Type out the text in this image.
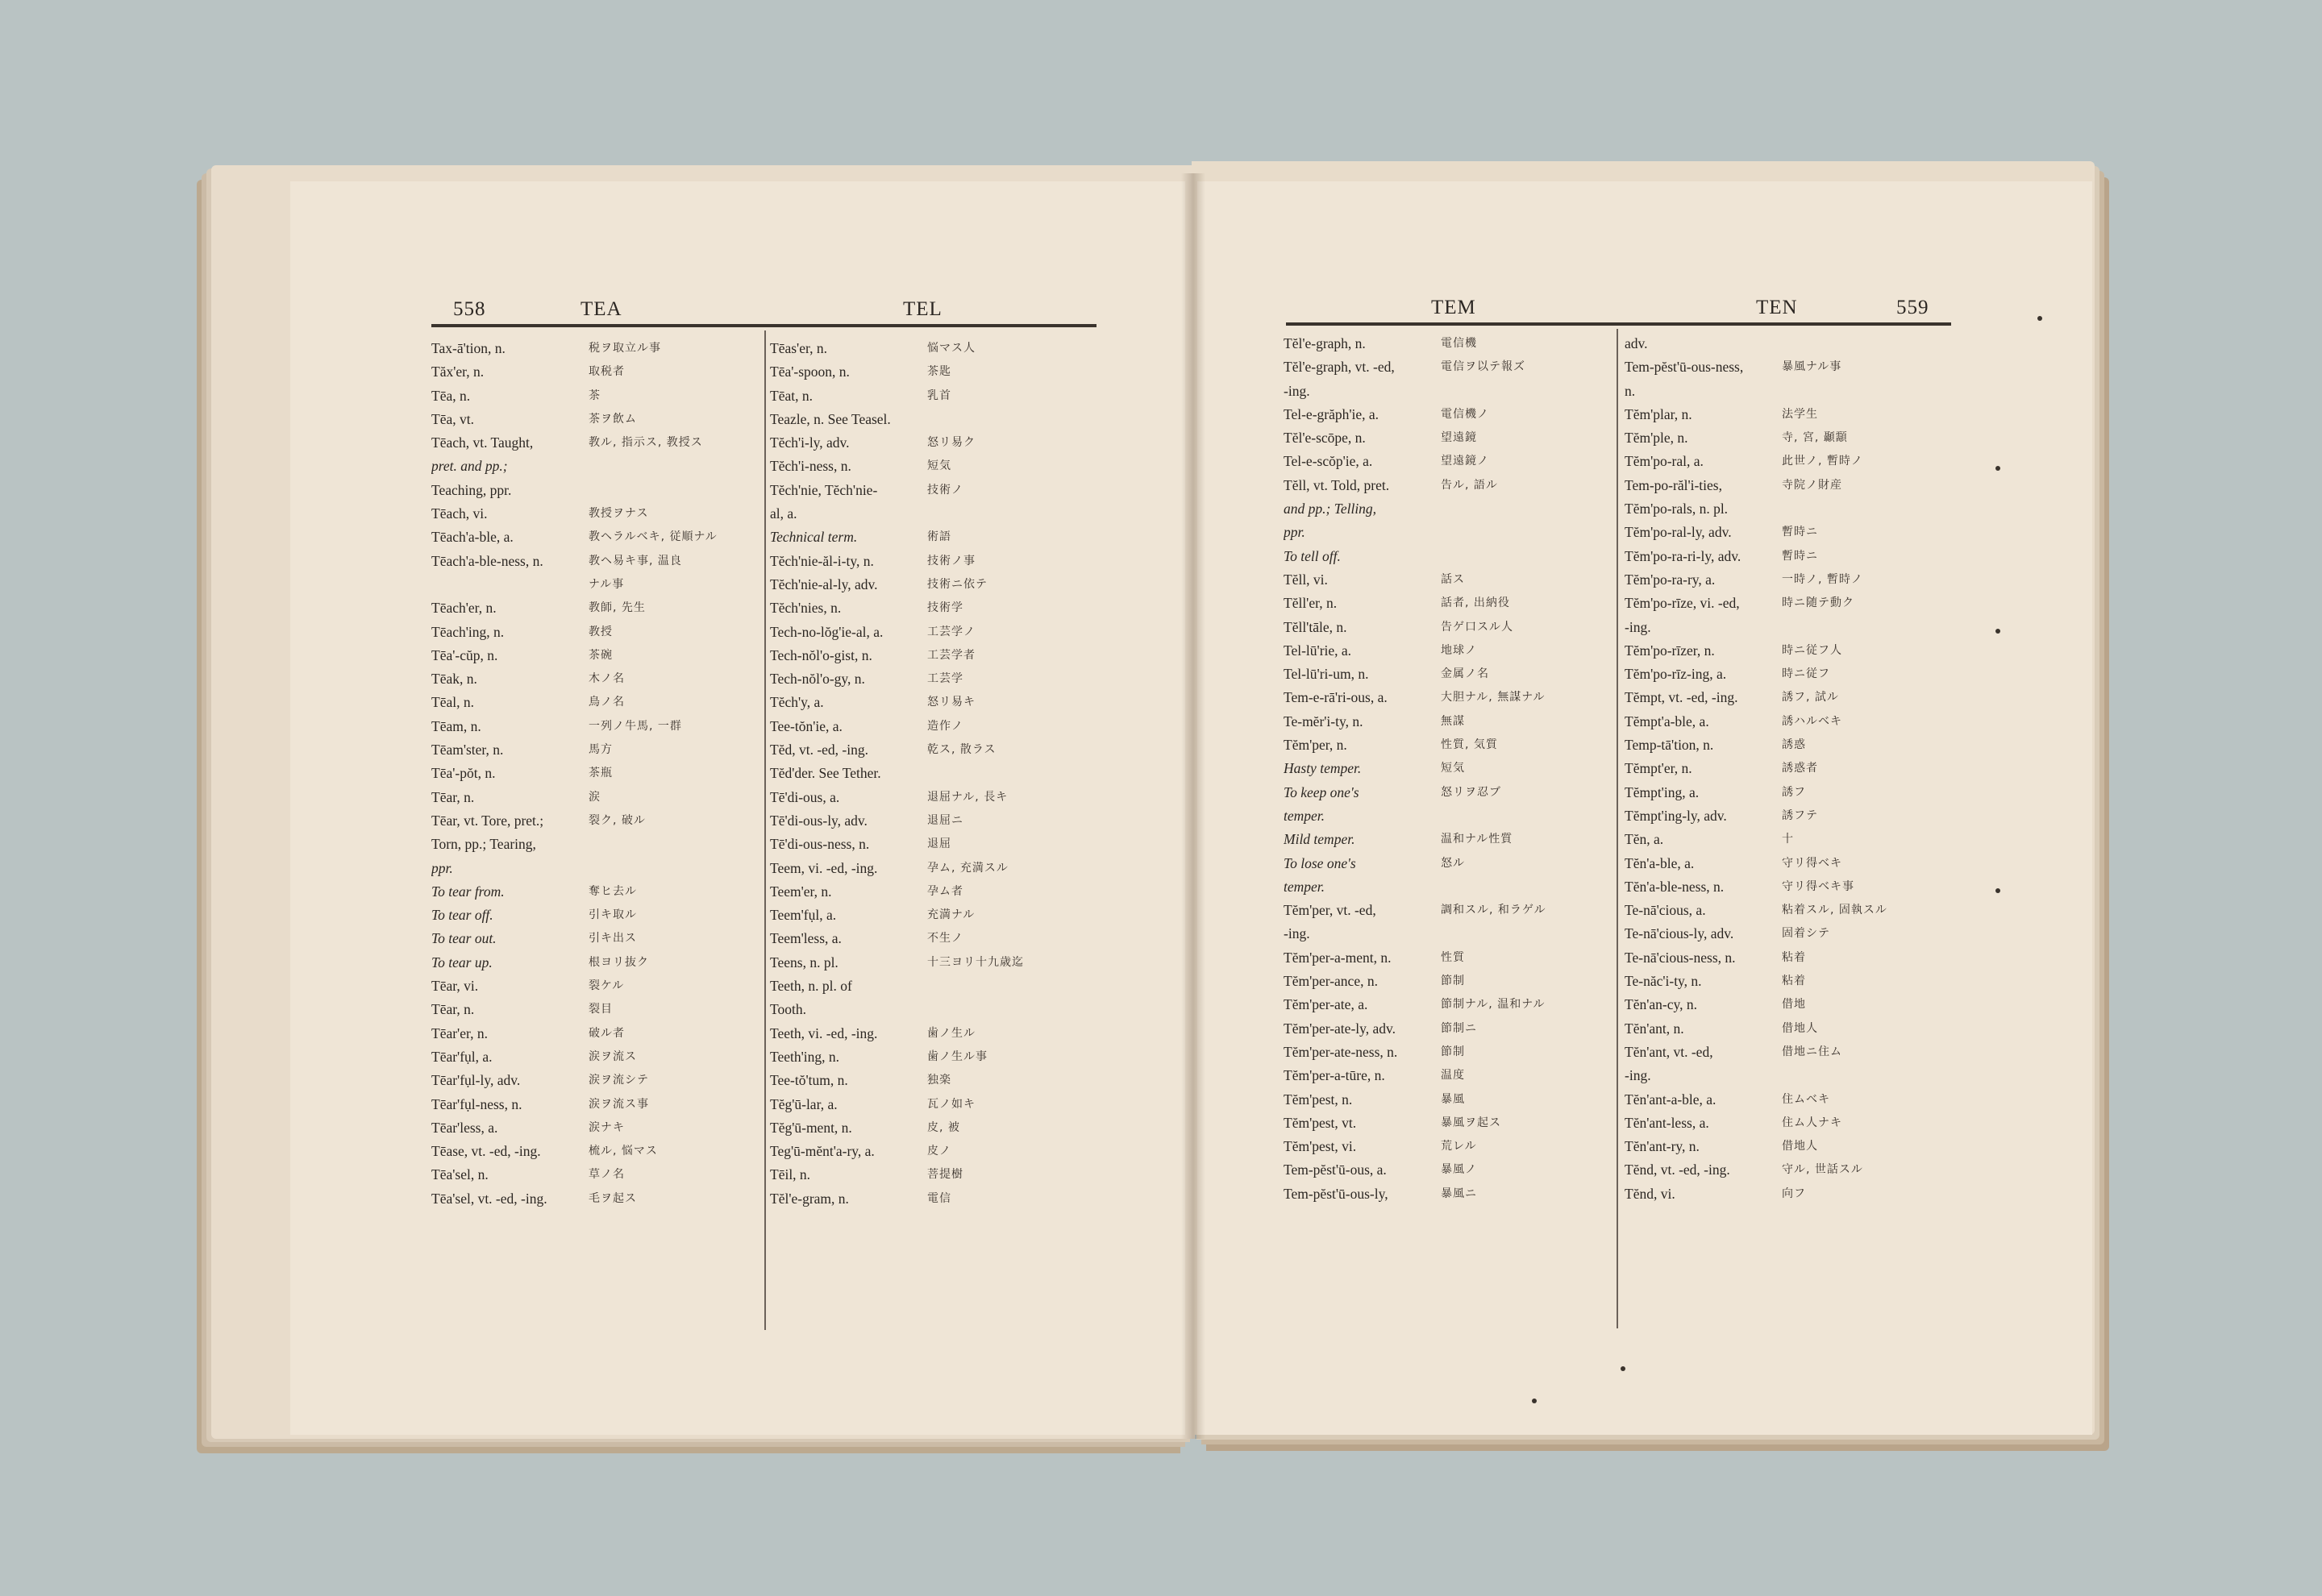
558	TEA	TEL	TEM	TEN	559
Tax-ā'tion, n.	税ヲ取立ル事
Tăx'er, n.	取税者
Tēa, n.	茶
Tēa, vt.	茶ヲ飲ム
Tēach, vt. Taught,	教ル, 指示ス, 教授ス
pret. and pp.;
Teaching, ppr.
Tēach, vi.	教授ヲナス
Tēach'a-ble, a.	教ヘラルベキ, 従順ナル
Tēach'a-ble-ness, n.	教ヘ易キ事, 温良
ナル事
Tēach'er, n.	教師, 先生
Tēach'ing, n.	教授
Tēa'-cŭp, n.	茶碗
Tēak, n.	木ノ名
Tēal, n.	鳥ノ名
Tēam, n.	一列ノ牛馬, 一群
Tēam'ster, n.	馬方
Tēa'-pŏt, n.	茶瓶
Tēar, n.	涙
Tēar, vt. Tore, pret.;	裂ク, 破ル
Torn, pp.; Tearing,
ppr.
To tear from.	奪ヒ去ル
To tear off.	引キ取ル
To tear out.	引キ出ス
To tear up.	根ヨリ抜ク
Tēar, vi.	裂ケル
Tēar, n.	裂目
Tēar'er, n.	破ル者
Tēar'fụl, a.	涙ヲ流ス
Tēar'fụl-ly, adv.	涙ヲ流シテ
Tēar'fụl-ness, n.	涙ヲ流ス事
Tēar'less, a.	涙ナキ
Tēase, vt. -ed, -ing.	梳ル, 悩マス
Tēa'sel, n.	草ノ名
Tēa'sel, vt. -ed, -ing.	毛ヲ起ス
Tēas'er, n.	悩マス人
Tēa'-spoon, n.	茶匙
Tēat, n.	乳首
Teazle, n. See Teasel.
Tĕch'i-ly, adv.	怒リ易ク
Tĕch'i-ness, n.	短気
Tĕch'nie, Tĕch'nie-	技術ノ
al, a.
Technical term.	術語
Tĕch'nie-ăl-i-ty, n.	技術ノ事
Tĕch'nie-al-ly, adv.	技術ニ依テ
Tĕch'nies, n.	技術学
Tech-no-lŏg'ie-al, a.	工芸学ノ
Tech-nŏl'o-gist, n.	工芸学者
Tech-nŏl'o-gy, n.	工芸学
Tĕch'y, a.	怒リ易キ
Tee-tŏn'ie, a.	造作ノ
Tĕd, vt. -ed, -ing.	乾ス, 散ラス
Tĕd'der. See Tether.
Tē'di-ous, a.	退屈ナル, 長キ
Tē'di-ous-ly, adv.	退屈ニ
Tē'di-ous-ness, n.	退屈
Teem, vi. -ed, -ing.	孕ム, 充満スル
Teem'er, n.	孕ム者
Teem'fụl, a.	充満ナル
Teem'less, a.	不生ノ
Teens, n. pl.	十三ヨリ十九歳迄
Teeth, n. pl. of
Tooth.
Teeth, vi. -ed, -ing.	歯ノ生ル
Teeth'ing, n.	歯ノ生ル事
Tee-tŏ'tum, n.	独楽
Tĕg'ū-lar, a.	瓦ノ如キ
Tĕg'ū-ment, n.	皮, 被
Teg'ū-mĕnt'a-ry, a.	皮ノ
Tēil, n.	菩提樹
Tĕl'e-gram, n.	電信
Tĕl'e-graph, n.	電信機
Tĕl'e-graph, vt. -ed,	電信ヲ以テ報ズ
-ing.
Tel-e-grăph'ie, a.	電信機ノ
Tĕl'e-scōpe, n.	望遠鏡
Tel-e-scŏp'ie, a.	望遠鏡ノ
Tĕll, vt. Told, pret.	告ル, 語ル
and pp.; Telling,
ppr.
To tell off.
Tĕll, vi.	話ス
Tĕll'er, n.	話者, 出納役
Tĕll'tāle, n.	告ゲ口スル人
Tel-lū'rie, a.	地球ノ
Tel-lū'ri-um, n.	金属ノ名
Tem-e-rā'ri-ous, a.	大胆ナル, 無謀ナル
Te-mĕr'i-ty, n.	無謀
Tĕm'per, n.	性質, 気質
Hasty temper.	短気
To keep one's	怒リヲ忍ブ
temper.
Mild temper.	温和ナル性質
To lose one's	怒ル
temper.
Tĕm'per, vt. -ed,	調和スル, 和ラゲル
-ing.
Tĕm'per-a-ment, n.	性質
Tĕm'per-ance, n.	節制
Tĕm'per-ate, a.	節制ナル, 温和ナル
Tĕm'per-ate-ly, adv.	節制ニ
Tĕm'per-ate-ness, n.	節制
Tĕm'per-a-tūre, n.	温度
Tĕm'pest, n.	暴風
Tĕm'pest, vt.	暴風ヲ起ス
Tĕm'pest, vi.	荒レル
Tem-pĕst'ū-ous, a.	暴風ノ
Tem-pĕst'ū-ous-ly,	暴風ニ
adv.
Tem-pĕst'ū-ous-ness,	暴風ナル事
n.
Tĕm'plar, n.	法学生
Tĕm'ple, n.	寺, 宮, 顳顬
Tĕm'po-ral, a.	此世ノ, 暫時ノ
Tem-po-răl'i-ties,	寺院ノ財産
Tĕm'po-rals, n. pl.
Tĕm'po-ral-ly, adv.	暫時ニ
Tĕm'po-ra-ri-ly, adv.	暫時ニ
Tĕm'po-ra-ry, a.	一時ノ, 暫時ノ
Tĕm'po-rīze, vi. -ed,	時ニ随テ動ク
-ing.
Tĕm'po-rīzer, n.	時ニ従フ人
Tĕm'po-rīz-ing, a.	時ニ従フ
Tĕmpt, vt. -ed, -ing.	誘フ, 試ル
Tĕmpt'a-ble, a.	誘ハルベキ
Temp-tā'tion, n.	誘惑
Tĕmpt'er, n.	誘惑者
Tĕmpt'ing, a.	誘フ
Tĕmpt'ing-ly, adv.	誘フテ
Tĕn, a.	十
Tĕn'a-ble, a.	守リ得ベキ
Tĕn'a-ble-ness, n.	守リ得ベキ事
Te-nā'cious, a.	粘着スル, 固執スル
Te-nā'cious-ly, adv.	固着シテ
Te-nā'cious-ness, n.	粘着
Te-năc'i-ty, n.	粘着
Tĕn'an-cy, n.	借地
Tĕn'ant, n.	借地人
Tĕn'ant, vt. -ed,	借地ニ住ム
-ing.
Tĕn'ant-a-ble, a.	住ムベキ
Tĕn'ant-less, a.	住ム人ナキ
Tĕn'ant-ry, n.	借地人
Tĕnd, vt. -ed, -ing.	守ル, 世話スル
Tĕnd, vi.	向フ
